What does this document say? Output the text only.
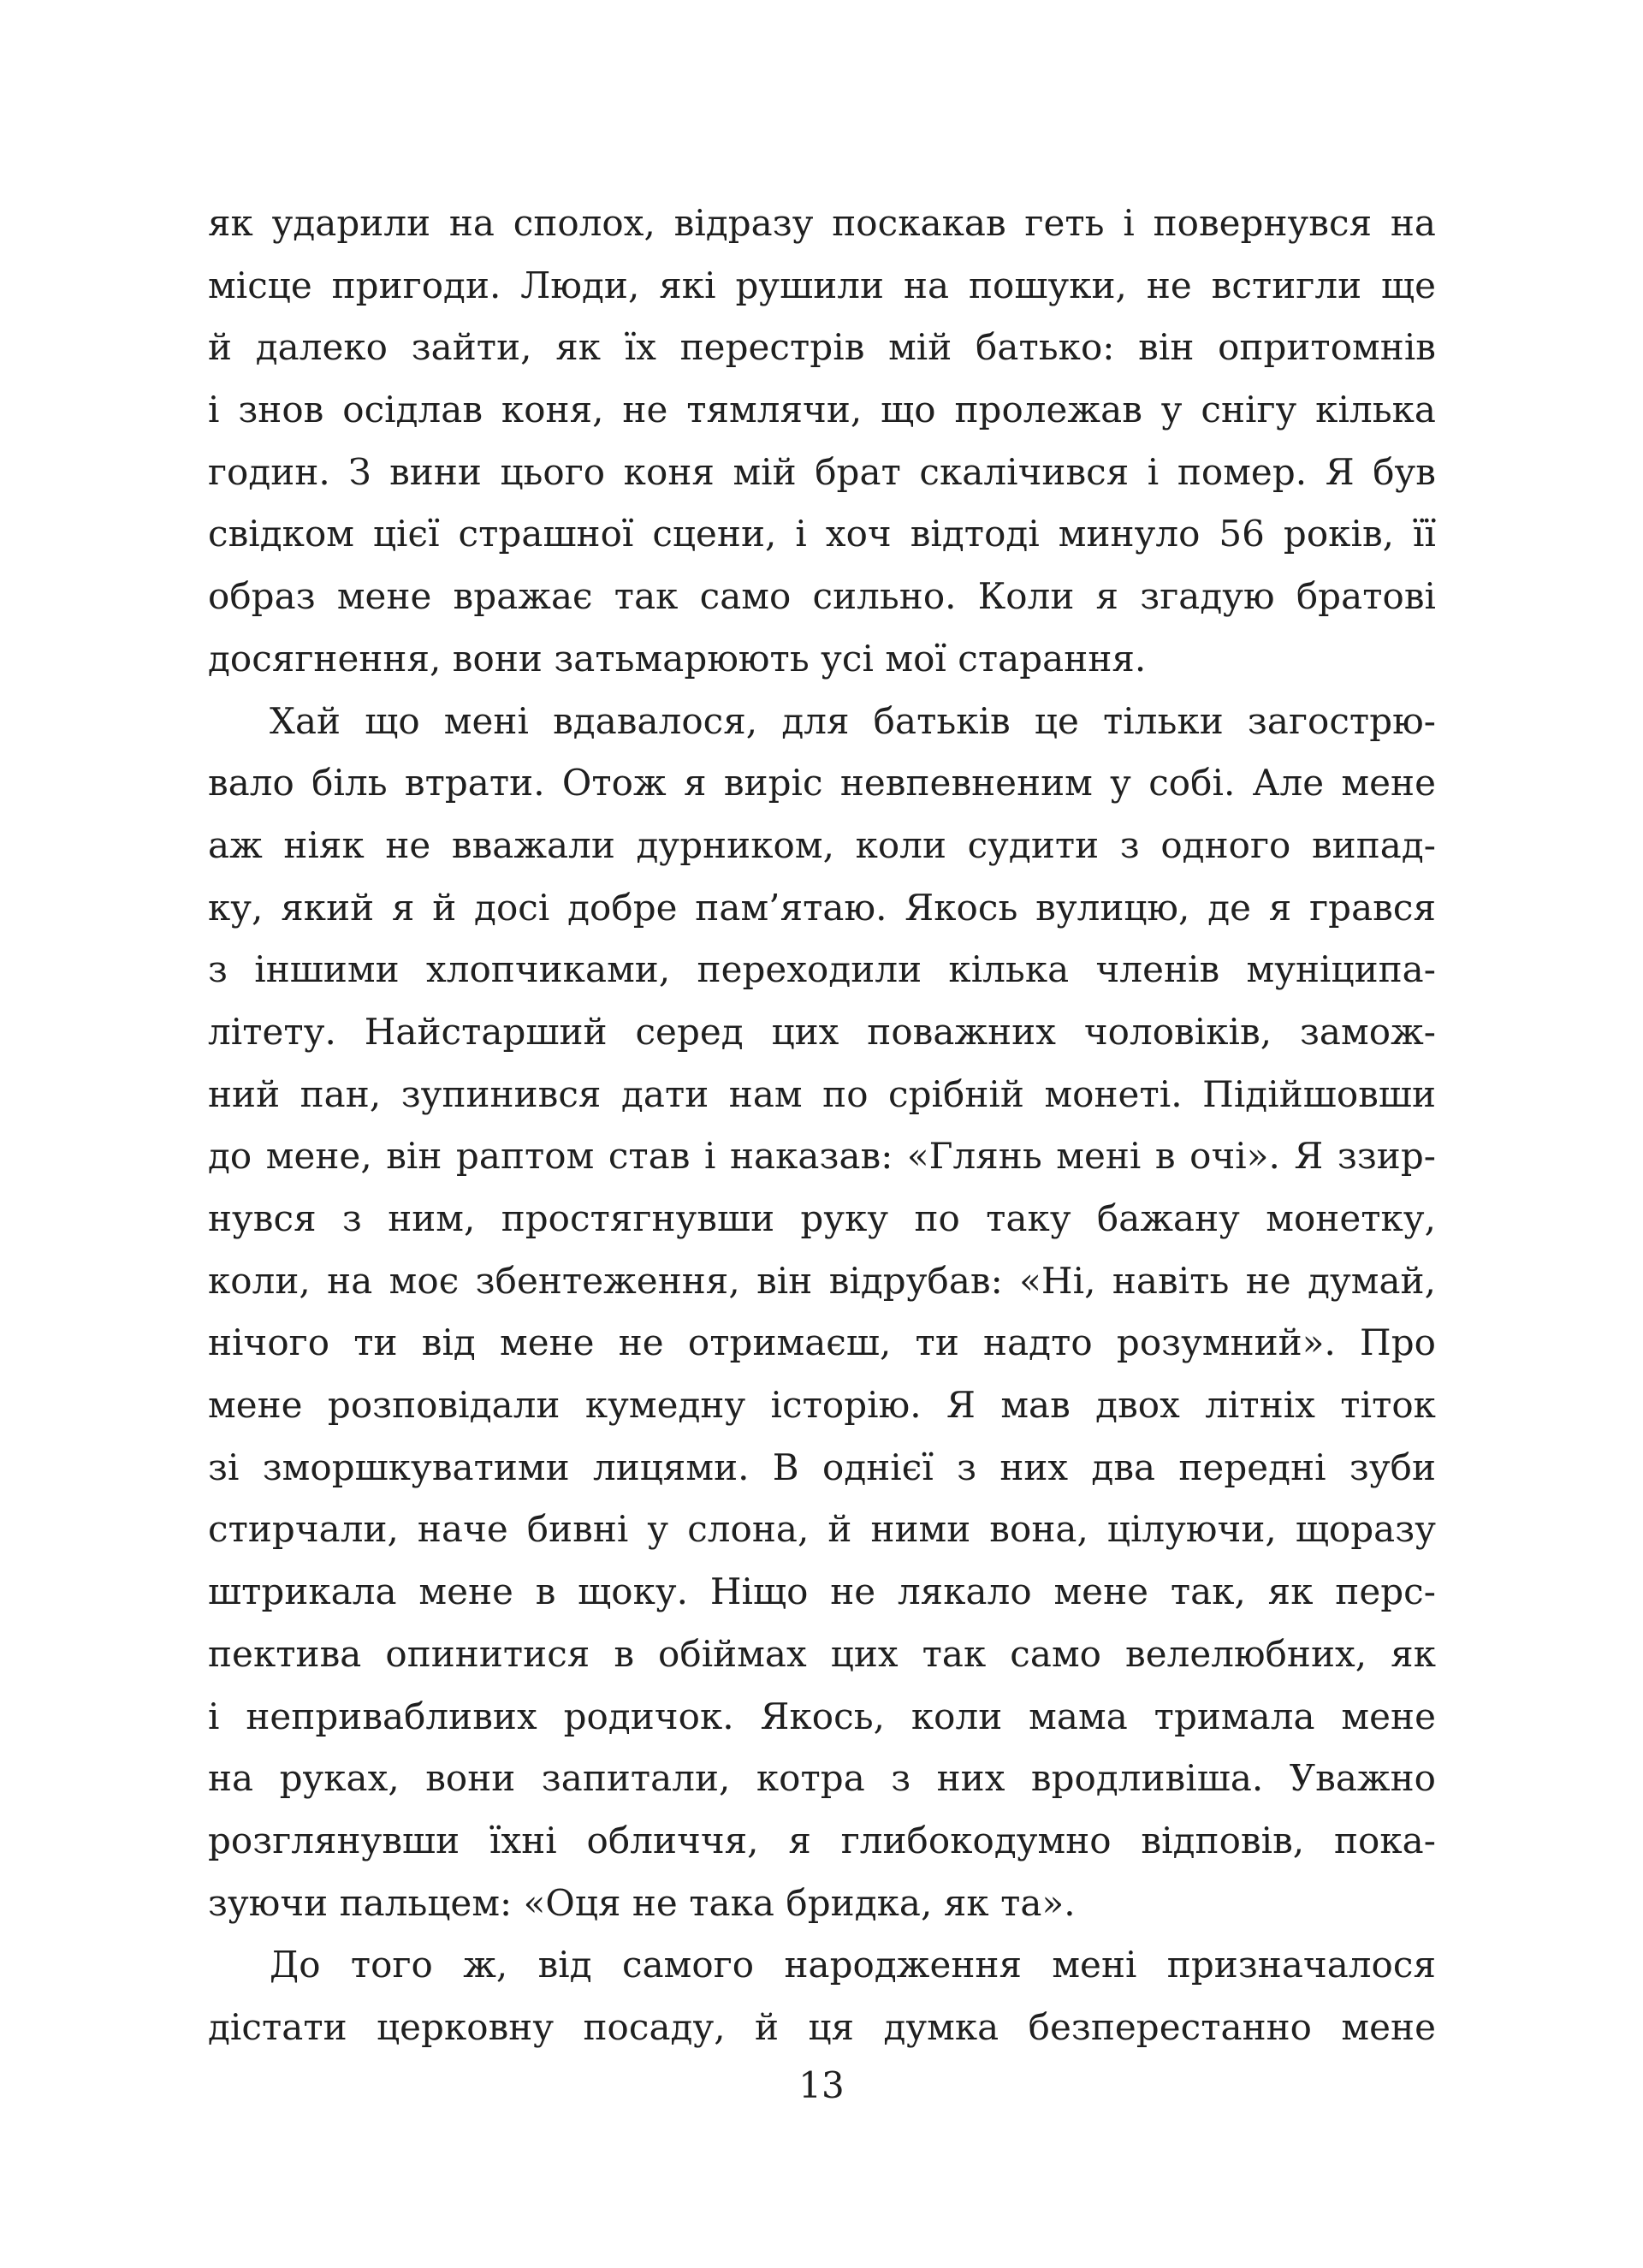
як ударили на сполох, відразу поскакав геть і повернувся на
місце пригоди. Люди, які рушили на пошуки, не встигли ще
й далеко зайти, як їх перестрів мій батько: він опритомнів
і знов осідлав коня, не тямлячи, що пролежав у снігу кілька
годин. З вини цього коня мій брат скалічився і помер. Я був
свідком цієї страшної сцени, і хоч відтоді минуло 56 років, її
образ мене вражає так само сильно. Коли я згадую братові
досягнення, вони затьмарюють усі мої старання.
Хай що мені вдавалося, для батьків це тільки загострю-
вало біль втрати. Отож я виріс невпевненим у собі. Але мене
аж ніяк не вважали дурником, коли судити з одного випад-
ку, який я й досі добре пам’ятаю. Якось вулицю, де я грався
з іншими хлопчиками, переходили кілька членів муніципа-
літету. Найстарший серед цих поважних чоловіків, замож-
ний пан, зупинився дати нам по срібній монеті. Підійшовши
до мене, він раптом став і наказав: «Глянь мені в очі». Я ззир-
нувся з ним, простягнувши руку по таку бажану монетку,
коли, на моє збентеження, він відрубав: «Ні, навіть не думай,
нічого ти від мене не отримаєш, ти надто розумний». Про
мене розповідали кумедну історію. Я мав двох літніх тіток
зі зморшкуватими лицями. В однієї з них два передні зуби
стирчали, наче бивні у слона, й ними вона, цілуючи, щоразу
штрикала мене в щоку. Ніщо не лякало мене так, як перс-
пектива опинитися в обіймах цих так само велелюбних, як
і непривабливих родичок. Якось, коли мама тримала мене
на руках, вони запитали, котра з них вродливіша. Уважно
розглянувши їхні обличчя, я глибокодумно відповів, пока-
зуючи пальцем: «Оця не така бридка, як та».
До того ж, від самого народження мені призначалося
дістати церковну посаду, й ця думка безперестанно мене
13
